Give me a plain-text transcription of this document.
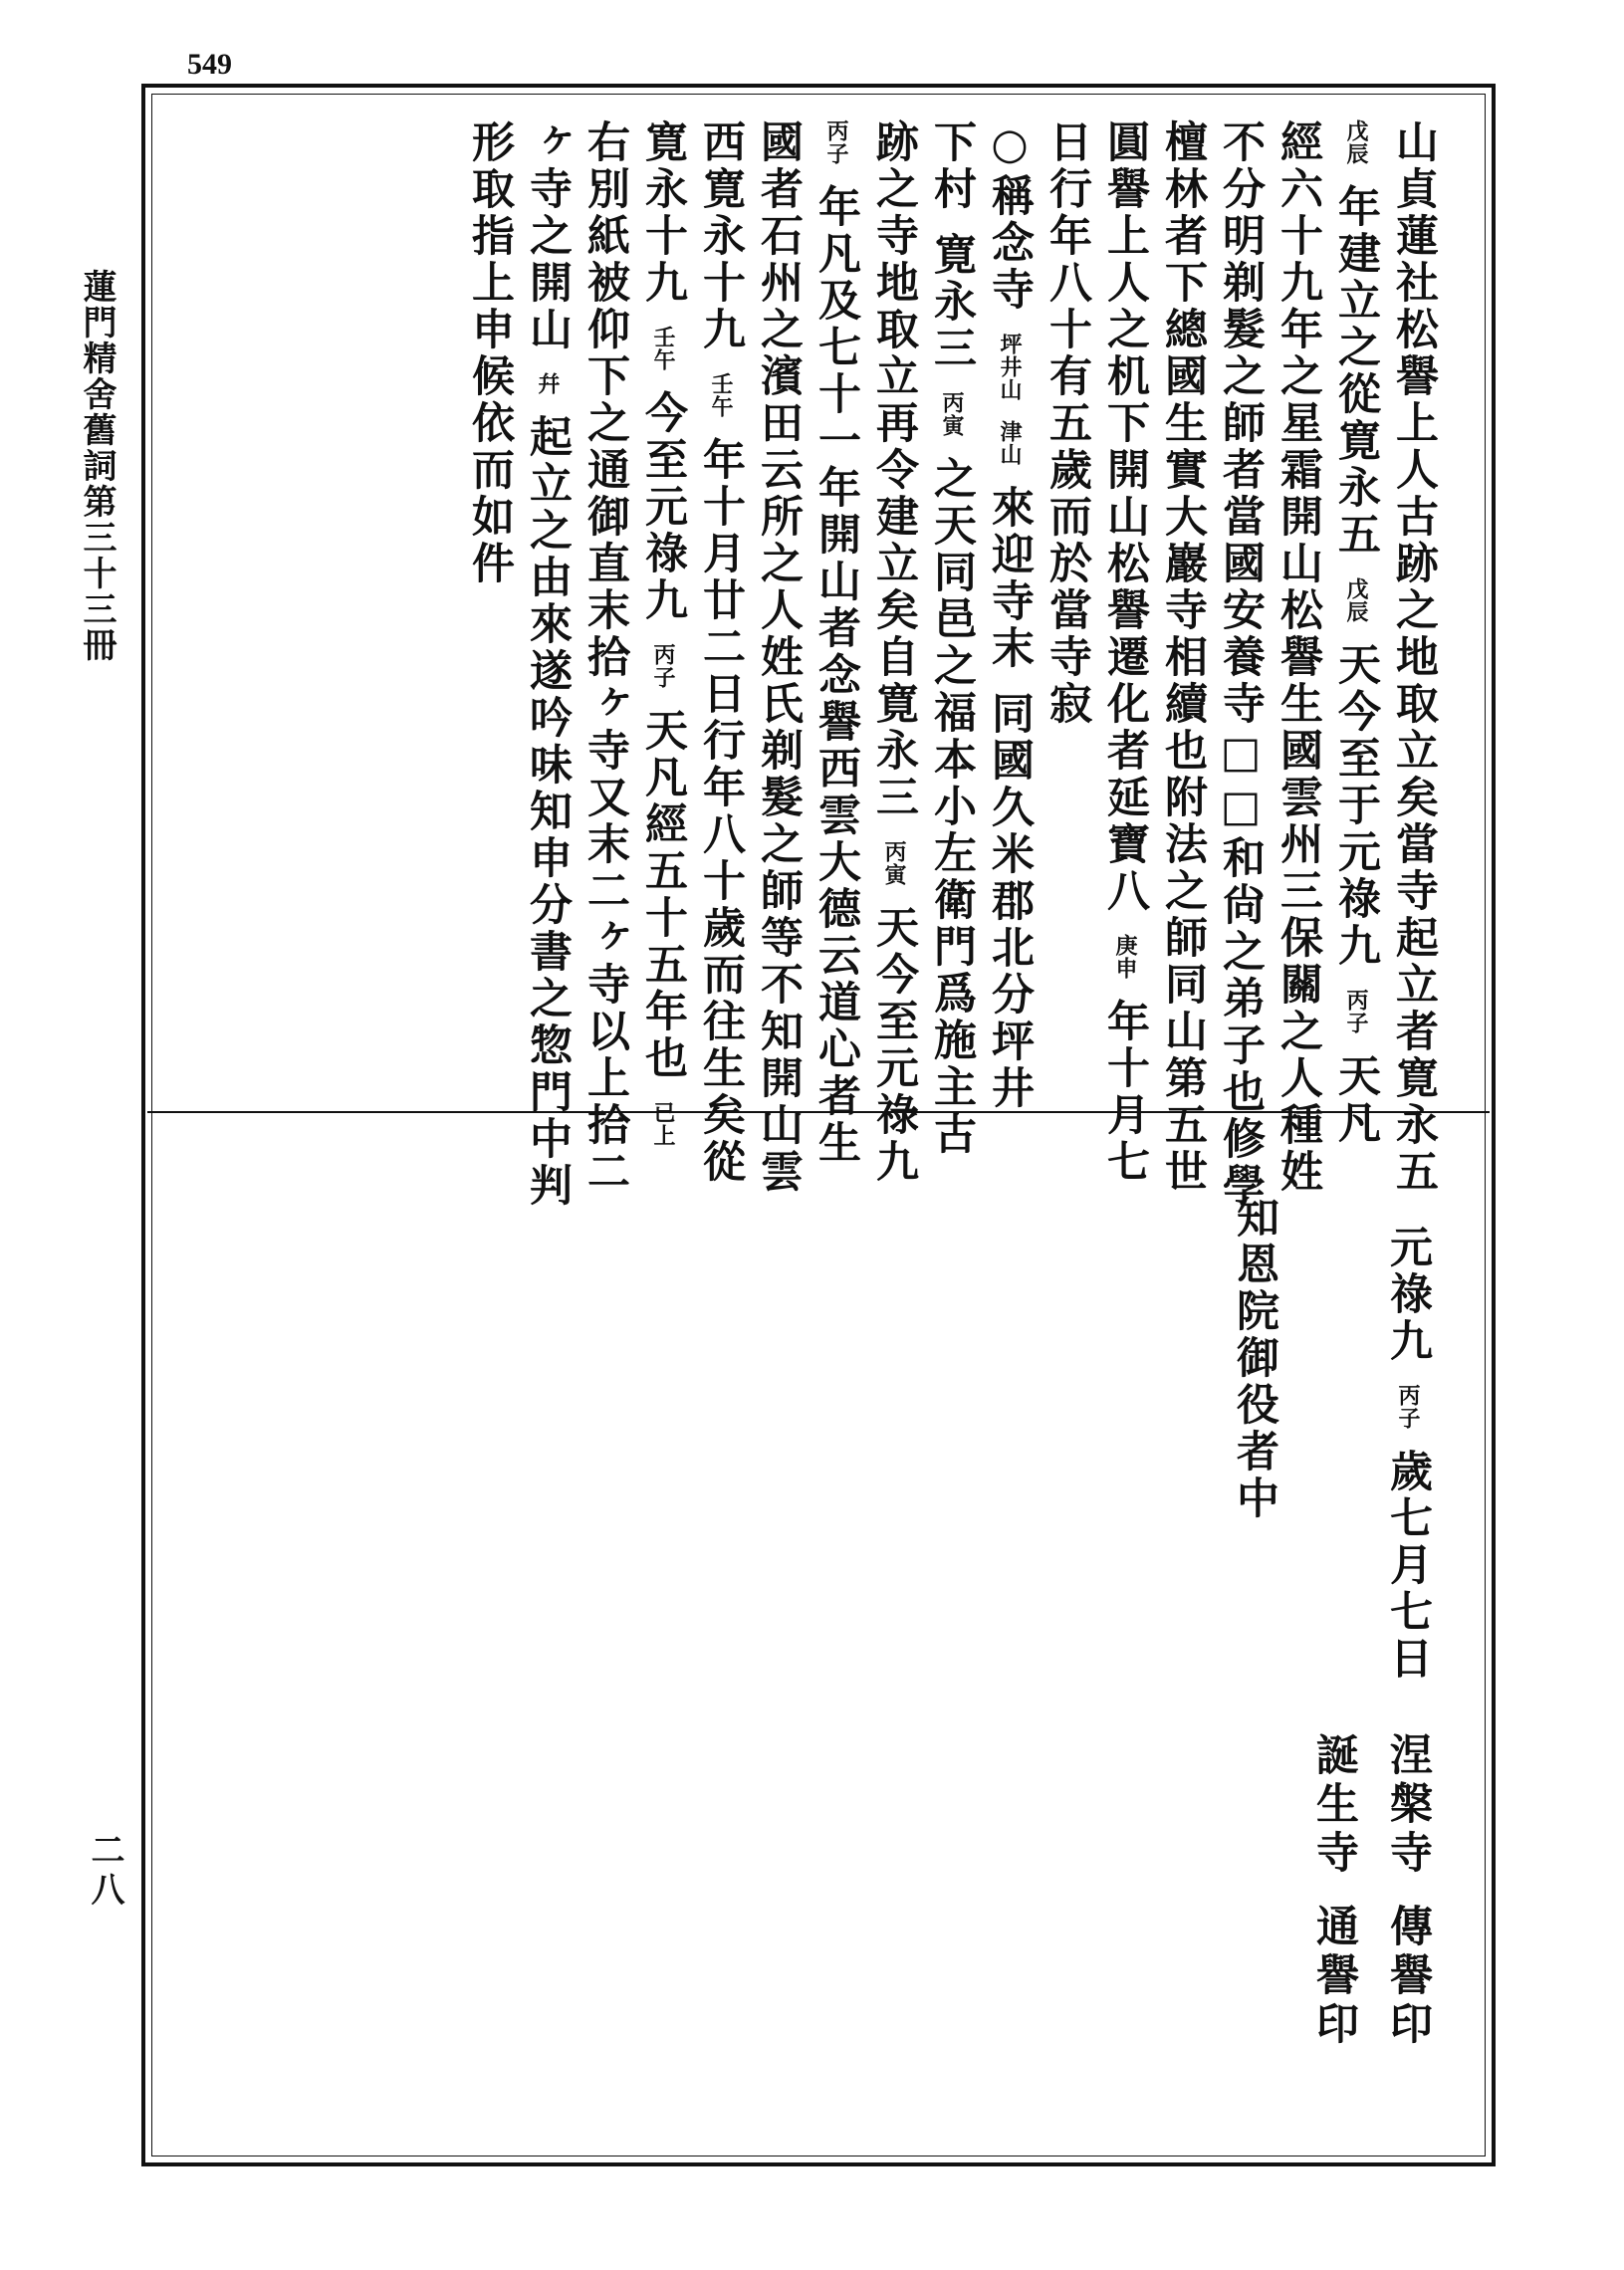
549
蓮門精舍舊詞第三十三冊
二八
山貞蓮社松譽上人古跡之地取立矣當寺起立者寛永五
戊辰 年建立之從寛永五 戊辰 天今至于元祿九 丙子 天凡
經六十九年之星霜開山松譽生國雲州三保關之人種姓
不分明剃髮之師者當國安養寺□□和尙之弟子也修學
檀林者下總國生實大巖寺相續也附法之師同山第五世
圓譽上人之机下開山松譽遷化者延寶八 庚申 年十月七
日行年八十有五歲而於當寺寂
○稱念寺 坪井山 津山 來迎寺末 同國久米郡北分坪井
下村 寛永三 丙寅 之天同邑之福本小左衛門爲施主古
跡之寺地取立再令建立矣自寛永三 丙寅 天今至元祿九
丙子 年凡及七十一年開山者念譽西雲大德云道心者生
國者石州之濱田云所之人姓氏剃髮之師等不知開山雲
西寛永十九 壬午 年十月廿二日行年八十歲而往生矣從
寛永十九 壬午 今至元祿九 丙子 天凡經五十五年也 已上
右別紙被仰下之通御直末拾ヶ寺又末二ヶ寺以上拾二
ヶ寺之開山 幷 起立之由來遂吟味知申分書之惣門中判
形取指上申候依而如件
元祿九 丙子 歲七月七日
知恩院御役者中
涅槃寺
傳譽印
誕生寺
通譽印
